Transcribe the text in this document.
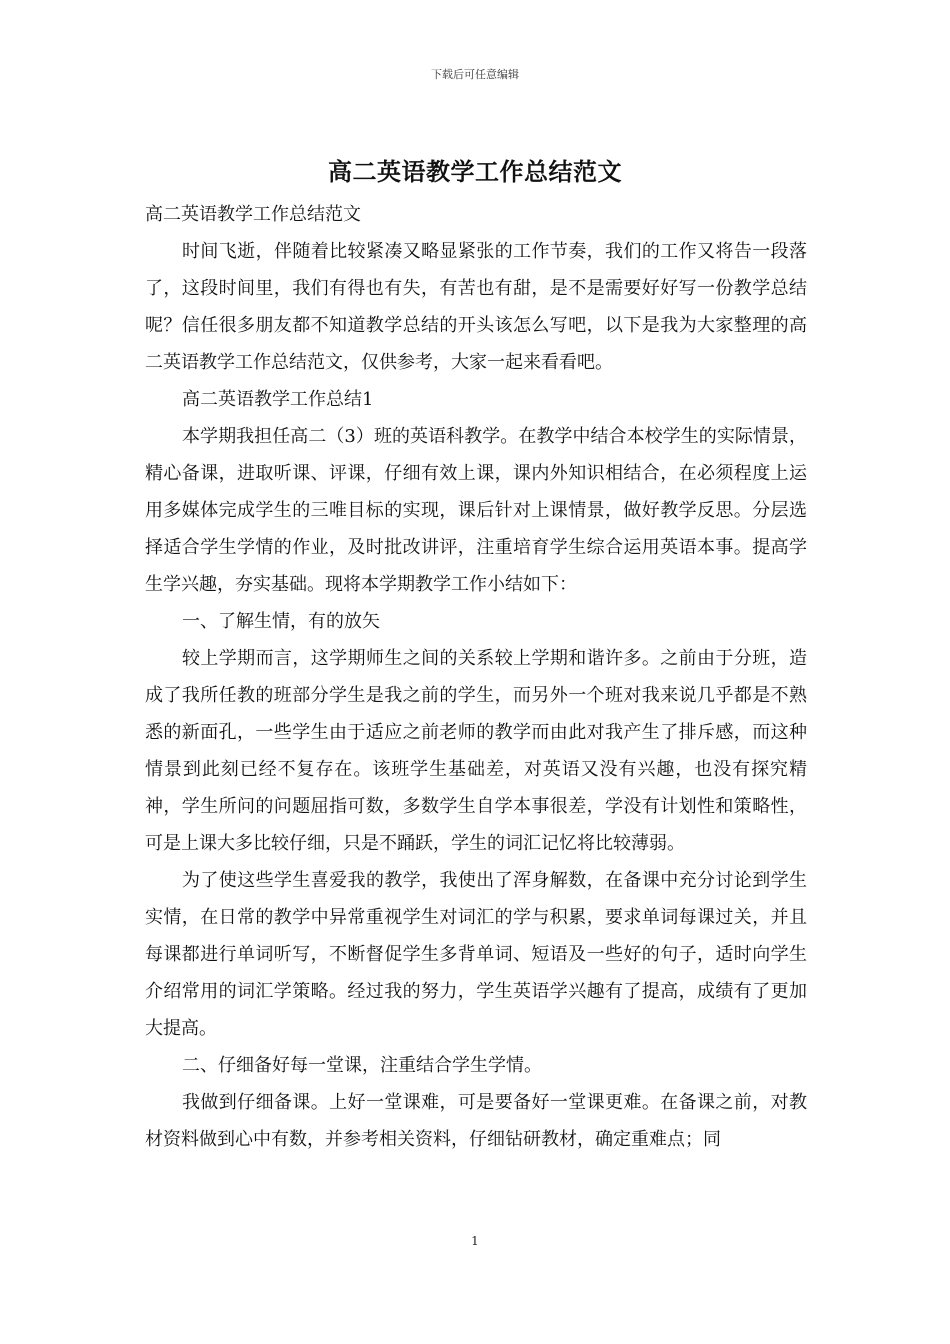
下载后可任意编辑
高二英语教学工作总结范文

高二英语教学工作总结范文

时间飞逝，伴随着比较紧凑又略显紧张的工作节奏，我们的工作又将告一段落了，这段时间里，我们有得也有失，有苦也有甜，是不是需要好好写一份教学总结呢？信任很多朋友都不知道教学总结的开头该怎么写吧，以下是我为大家整理的高二英语教学工作总结范文，仅供参考，大家一起来看看吧。

高二英语教学工作总结1

本学期我担任高二（3）班的英语科教学。在教学中结合本校学生的实际情景，精心备课，进取听课、评课，仔细有效上课，课内外知识相结合，在必须程度上运用多媒体完成学生的三唯目标的实现，课后针对上课情景，做好教学反思。分层选择适合学生学情的作业，及时批改讲评，注重培育学生综合运用英语本事。提高学生学兴趣，夯实基础。现将本学期教学工作小结如下：

一、了解生情，有的放矢

较上学期而言，这学期师生之间的关系较上学期和谐许多。之前由于分班，造成了我所任教的班部分学生是我之前的学生，而另外一个班对我来说几乎都是不熟悉的新面孔，一些学生由于适应之前老师的教学而由此对我产生了排斥感，而这种情景到此刻已经不复存在。该班学生基础差，对英语又没有兴趣，也没有探究精神，学生所问的问题屈指可数，多数学生自学本事很差，学没有计划性和策略性，可是上课大多比较仔细，只是不踊跃，学生的词汇记忆将比较薄弱。

为了使这些学生喜爱我的教学，我使出了浑身解数，在备课中充分讨论到学生实情，在日常的教学中异常重视学生对词汇的学与积累，要求单词每课过关，并且每课都进行单词听写，不断督促学生多背单词、短语及一些好的句子，适时向学生介绍常用的词汇学策略。经过我的努力，学生英语学兴趣有了提高，成绩有了更加大提高。

二、仔细备好每一堂课，注重结合学生学情。

我做到仔细备课。上好一堂课难，可是要备好一堂课更难。在备课之前，对教材资料做到心中有数，并参考相关资料，仔细钻研教材，确定重难点；同

1
